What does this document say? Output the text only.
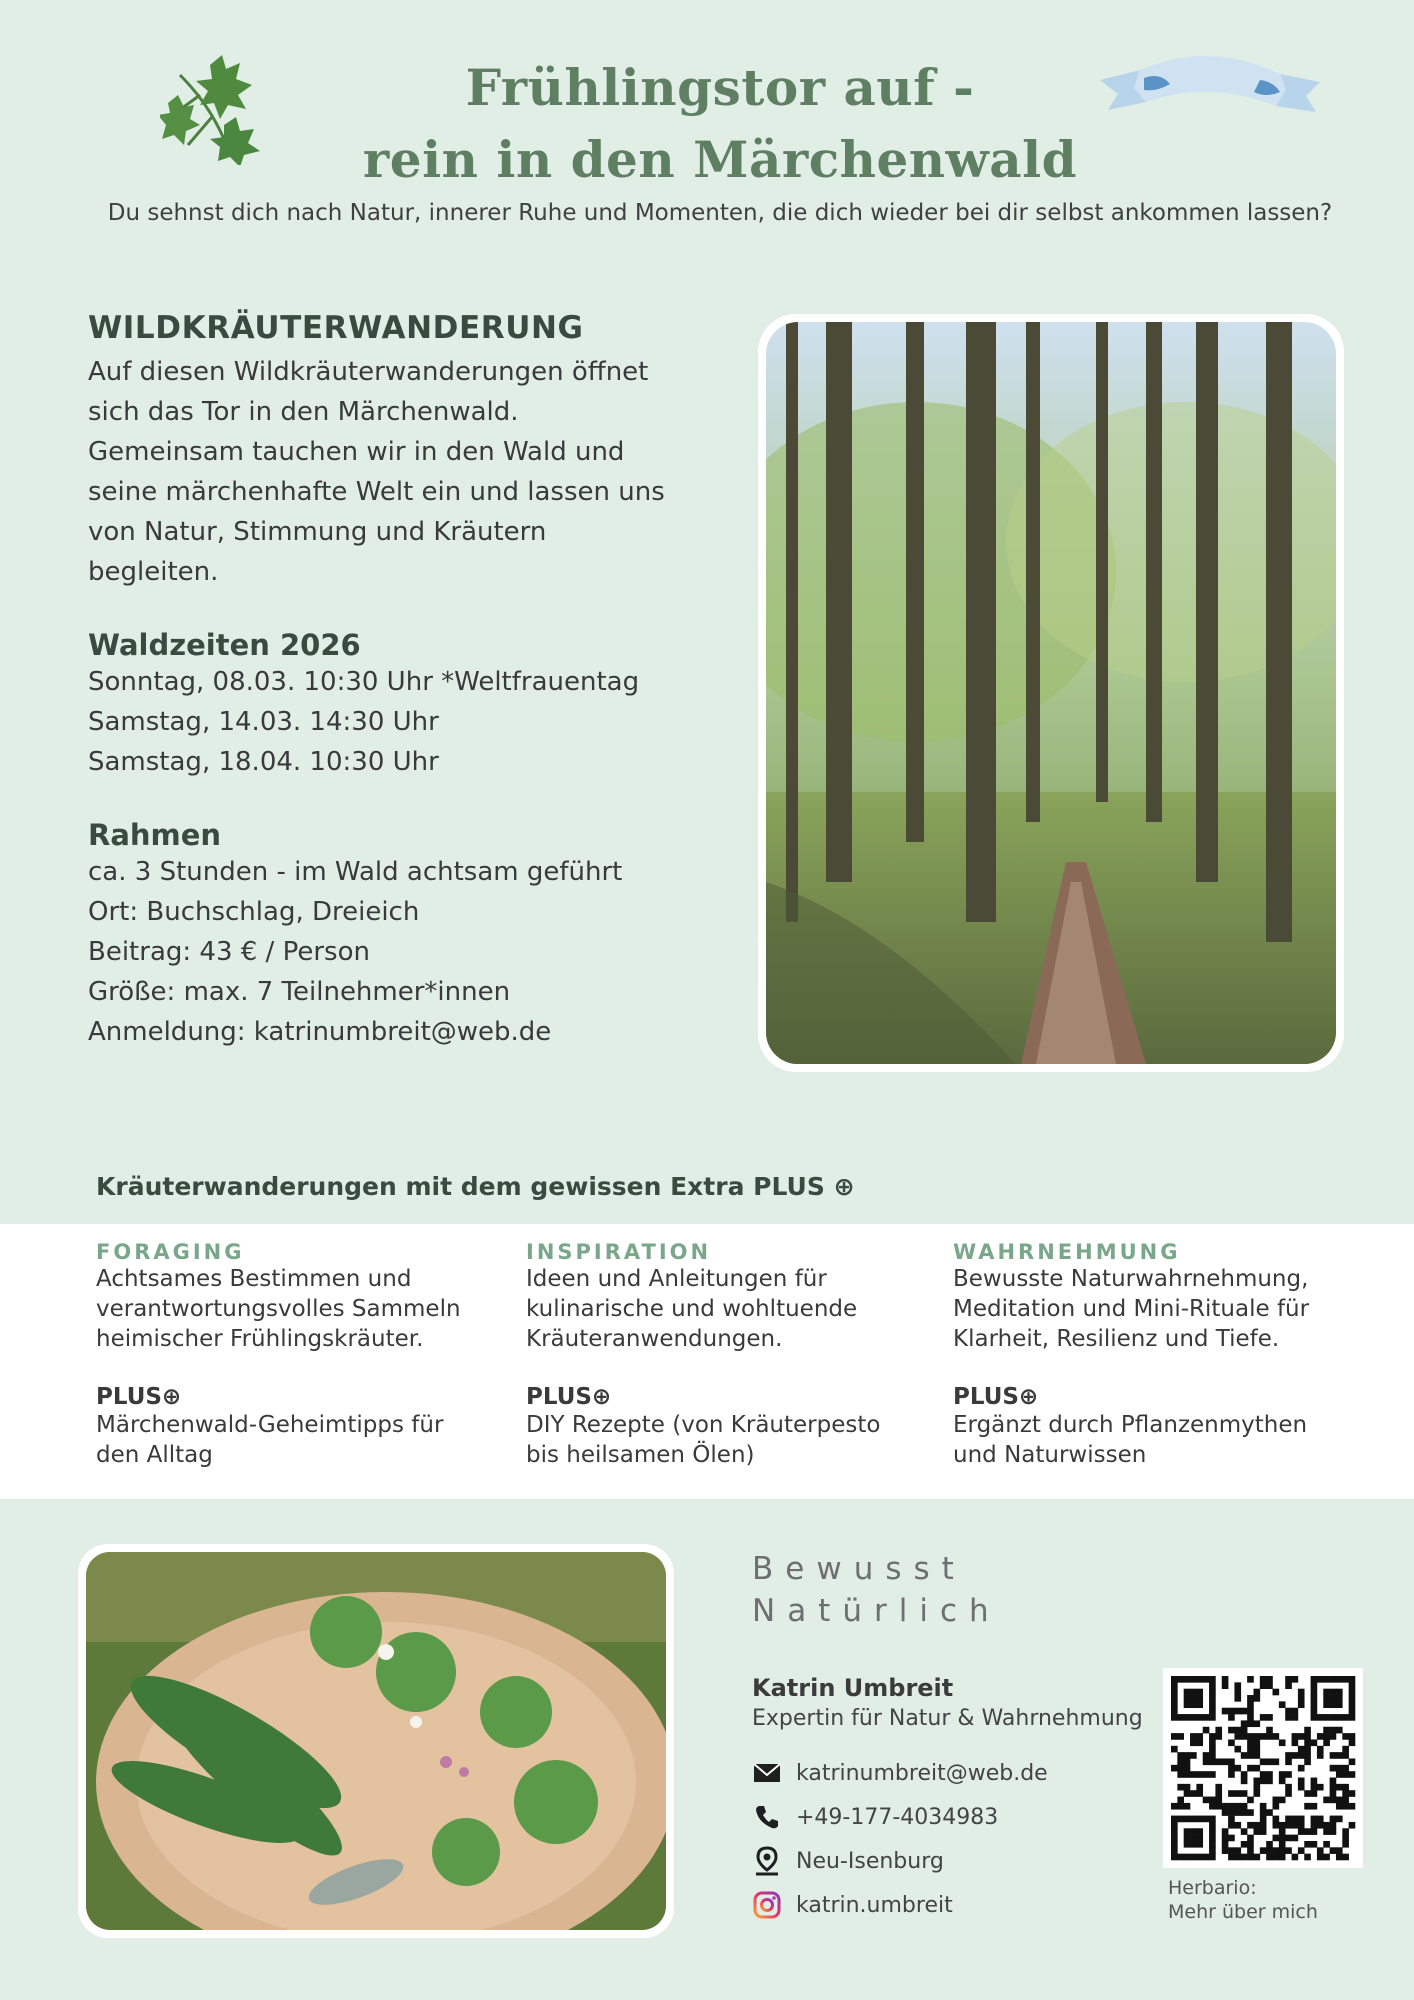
Frühlingstor auf -
rein in den Märchenwald
Du sehnst dich nach Natur, innerer Ruhe und Momenten, die dich wieder bei dir selbst ankommen lassen?
WILDKRÄUTERWANDERUNG
Auf diesen Wildkräuterwanderungen öffnet
sich das Tor in den Märchenwald.
Gemeinsam tauchen wir in den Wald und
seine märchenhafte Welt ein und lassen uns
von Natur, Stimmung und Kräutern
begleiten.
Waldzeiten 2026
Sonntag, 08.03. 10:30 Uhr *Weltfrauentag
Samstag, 14.03. 14:30 Uhr
Samstag, 18.04. 10:30 Uhr
Rahmen
ca. 3 Stunden - im Wald achtsam geführt
Ort: Buchschlag, Dreieich
Beitrag: 43 € / Person
Größe: max. 7 Teilnehmer*innen
Anmeldung: katrinumbreit@web.de
Kräuterwanderungen mit dem gewissen Extra PLUS ⊕
FORAGING
Achtsames Bestimmen und
verantwortungsvolles Sammeln
heimischer Frühlingskräuter.
PLUS⊕
Märchenwald-Geheimtipps für
den Alltag
INSPIRATION
Ideen und Anleitungen für
kulinarische und wohltuende
Kräuteranwendungen.
PLUS⊕
DIY Rezepte (von Kräuterpesto
bis heilsamen Ölen)
WAHRNEHMUNG
Bewusste Naturwahrnehmung,
Meditation und Mini-Rituale für
Klarheit, Resilienz und Tiefe.
PLUS⊕
Ergänzt durch Pflanzenmythen
und Naturwissen
Bewusst
Natürlich
Katrin Umbreit
Expertin für Natur & Wahrnehmung
katrinumbreit@web.de
+49-177-4034983
Neu-Isenburg
katrin.umbreit
Herbario:
Mehr über mich
